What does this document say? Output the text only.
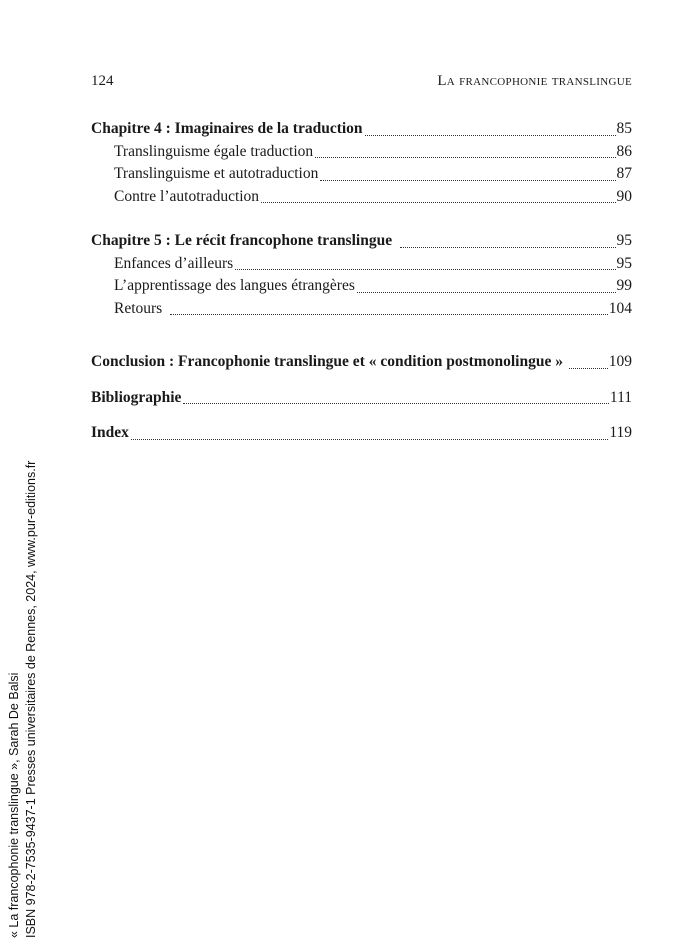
124	La francophonie translingue
Chapitre 4 : Imaginaires de la traduction	85
Translinguisme égale traduction	86
Translinguisme et autotraduction	87
Contre l’autotraduction	90
Chapitre 5 : Le récit francophone translingue	95
Enfances d’ailleurs	95
L’apprentissage des langues étrangères	99
Retours	104
Conclusion : Francophonie translingue et « condition postmonolingue »	109
Bibliographie	111
Index	119
« La francophonie translingue », Sarah De Balsi ISBN 978-2-7535-9437-1 Presses universitaires de Rennes, 2024, www.pur-editions.fr
